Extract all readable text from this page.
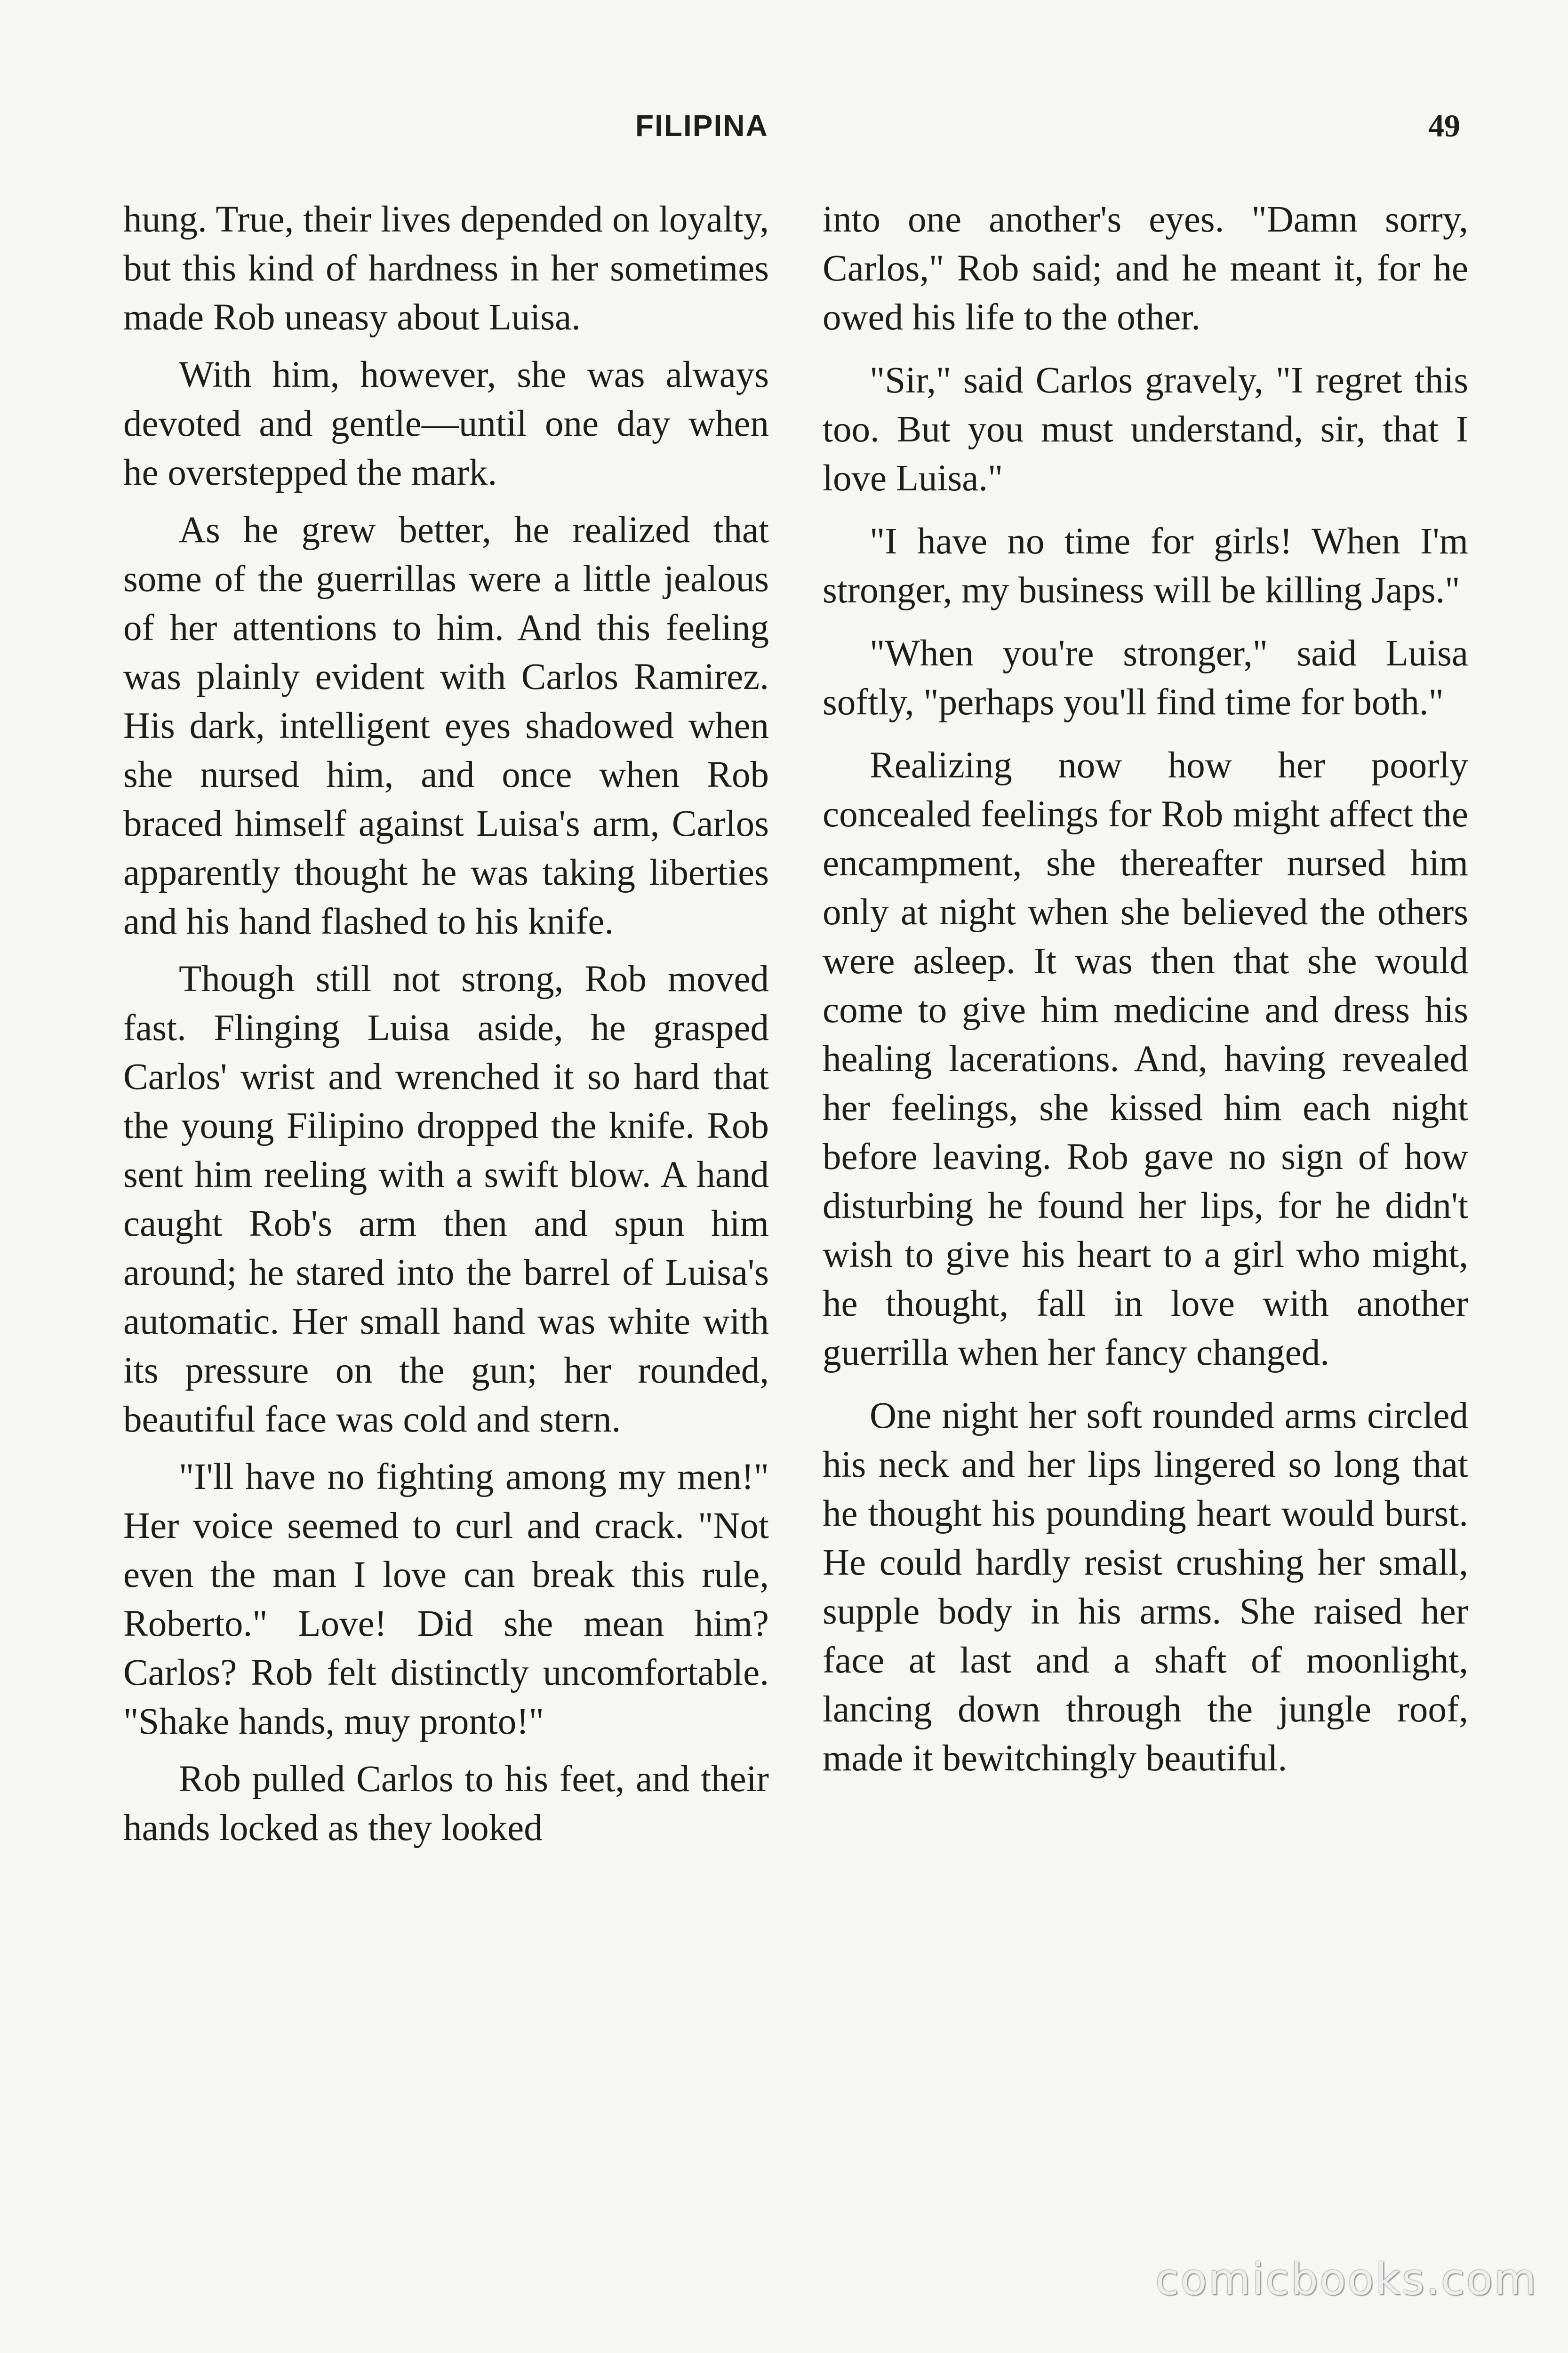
FILIPINA	49

hung. True, their lives depended on loyalty, but this kind of hardness in her sometimes made Rob uneasy about Luisa.

With him, however, she was always devoted and gentle—until one day when he overstepped the mark.

As he grew better, he realized that some of the guerrillas were a little jealous of her attentions to him. And this feeling was plainly evident with Carlos Ramirez. His dark, intelligent eyes shadowed when she nursed him, and once when Rob braced himself against Luisa's arm, Carlos apparently thought he was taking liberties and his hand flashed to his knife.

Though still not strong, Rob moved fast. Flinging Luisa aside, he grasped Carlos' wrist and wrenched it so hard that the young Filipino dropped the knife. Rob sent him reeling with a swift blow. A hand caught Rob's arm then and spun him around; he stared into the barrel of Luisa's automatic. Her small hand was white with its pressure on the gun; her rounded, beautiful face was cold and stern.

"I'll have no fighting among my men!" Her voice seemed to curl and crack. "Not even the man I love can break this rule, Roberto." Love! Did she mean him? Carlos? Rob felt distinctly uncomfortable. "Shake hands, muy pronto!"

Rob pulled Carlos to his feet, and their hands locked as they looked

into one another's eyes. "Damn sorry, Carlos," Rob said; and he meant it, for he owed his life to the other.

"Sir," said Carlos gravely, "I regret this too. But you must understand, sir, that I love Luisa."

"I have no time for girls! When I'm stronger, my business will be killing Japs."

"When you're stronger," said Luisa softly, "perhaps you'll find time for both."

Realizing now how her poorly concealed feelings for Rob might affect the encampment, she thereafter nursed him only at night when she believed the others were asleep. It was then that she would come to give him medicine and dress his healing lacerations. And, having revealed her feelings, she kissed him each night before leaving. Rob gave no sign of how disturbing he found her lips, for he didn't wish to give his heart to a girl who might, he thought, fall in love with another guerrilla when her fancy changed.

One night her soft rounded arms circled his neck and her lips lingered so long that he thought his pounding heart would burst. He could hardly resist crushing her small, supple body in his arms. She raised her face at last and a shaft of moonlight, lancing down through the jungle roof, made it bewitchingly beautiful.

comicbooks.com
